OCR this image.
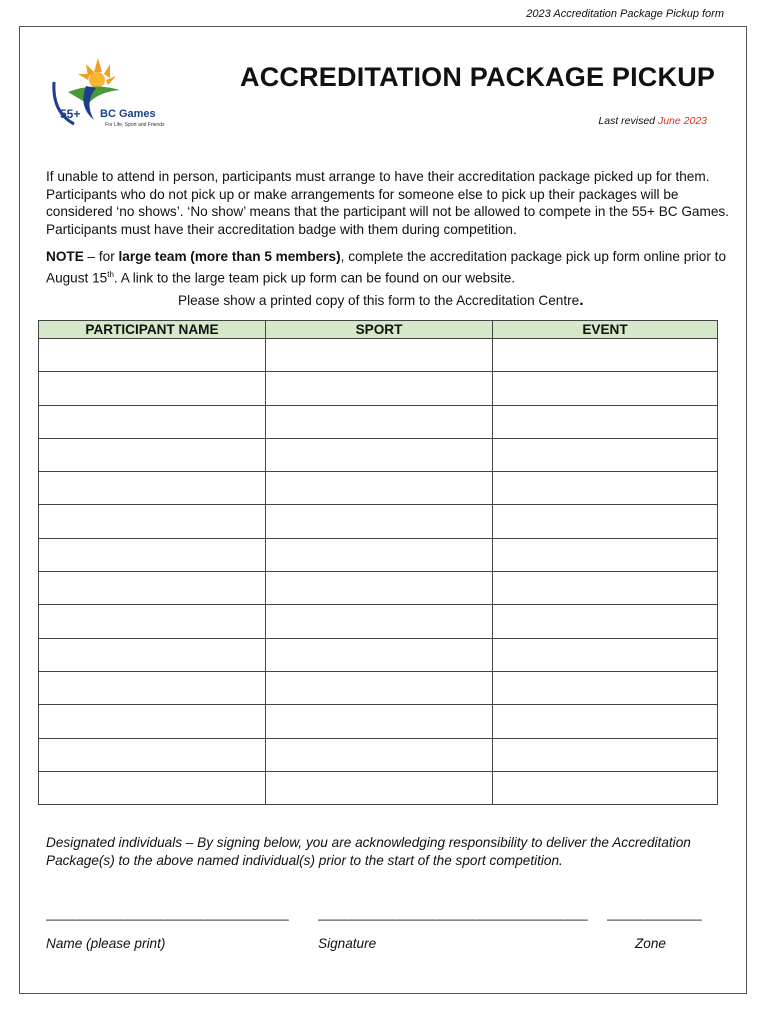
2023 Accreditation Package Pickup form
55+ BC Games
For Life, Sport and Friends
ACCREDITATION PACKAGE PICKUP
Last revised June 2023
If unable to attend in person, participants must arrange to have their accreditation package picked up for them. Participants who do not pick up or make arrangements for someone else to pick up their packages will be considered ‘no shows’. ‘No show’ means that the participant will not be allowed to compete in the 55+ BC Games. Participants must have their accreditation badge with them during competition.
NOTE – for large team (more than 5 members), complete the accreditation package pick up form online prior to August 15th. A link to the large team pick up form can be found on our website.
Please show a printed copy of this form to the Accreditation Centre.
PARTICIPANT NAME	SPORT	EVENT

Designated individuals – By signing below, you are acknowledging responsibility to deliver the Accreditation Package(s) to the above named individual(s) prior to the start of the sport competition.
____________________________________	________________________________________	______________
Name (please print)	Signature	Zone
